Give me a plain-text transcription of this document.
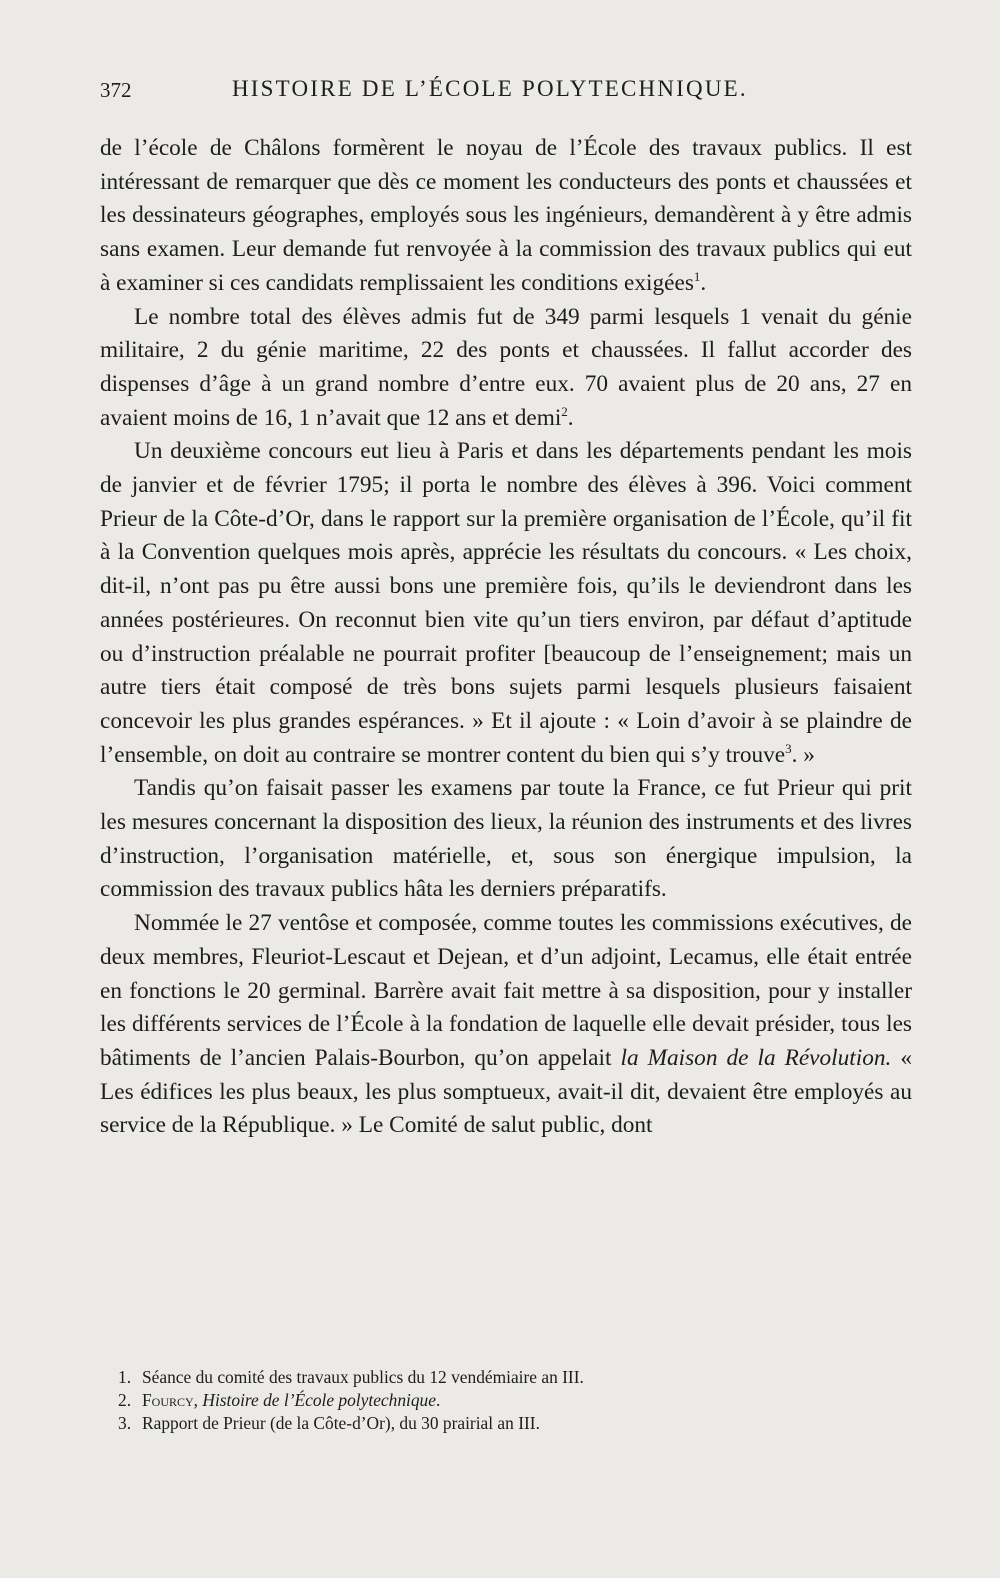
372	HISTOIRE DE L’ÉCOLE POLYTECHNIQUE.

de l’école de Châlons formèrent le noyau de l’École des travaux publics. Il est intéressant de remarquer que dès ce moment les conducteurs des ponts et chaussées et les dessinateurs géographes, employés sous les ingénieurs, demandèrent à y être admis sans examen. Leur demande fut renvoyée à la commission des travaux publics qui eut à examiner si ces candidats remplissaient les conditions exigées$^1$.

Le nombre total des élèves admis fut de 349 parmi lesquels 1 venait du génie militaire, 2 du génie maritime, 22 des ponts et chaussées. Il fallut accorder des dispenses d’âge à un grand nombre d’entre eux. 70 avaient plus de 20 ans, 27 en avaient moins de 16, 1 n’avait que 12 ans et demi$^2$.

Un deuxième concours eut lieu à Paris et dans les départements pendant les mois de janvier et de février 1795; il porta le nombre des élèves à 396. Voici comment Prieur de la Côte-d’Or, dans le rapport sur la première organisation de l’École, qu’il fit à la Convention quelques mois après, apprécie les résultats du concours. « Les choix, dit-il, n’ont pas pu être aussi bons une première fois, qu’ils le deviendront dans les années postérieures. On reconnut bien vite qu’un tiers environ, par défaut d’aptitude ou d’instruction préalable ne pourrait profiter [beaucoup de l’enseignement; mais un autre tiers était composé de très bons sujets parmi lesquels plusieurs faisaient concevoir les plus grandes espérances. » Et il ajoute : « Loin d’avoir à se plaindre de l’ensemble, on doit au contraire se montrer content du bien qui s’y trouve$^3$. »

Tandis qu’on faisait passer les examens par toute la France, ce fut Prieur qui prit les mesures concernant la disposition des lieux, la réunion des instruments et des livres d’instruction, l’organisation matérielle, et, sous son énergique impulsion, la commission des travaux publics hâta les derniers préparatifs.

Nommée le 27 ventôse et composée, comme toutes les commissions exécutives, de deux membres, Fleuriot-Lescaut et Dejean, et d’un adjoint, Lecamus, elle était entrée en fonctions le 20 germinal. Barrère avait fait mettre à sa disposition, pour y installer les différents services de l’École à la fondation de laquelle elle devait présider, tous les bâtiments de l’ancien Palais-Bourbon, qu’on appelait la Maison de la Révolution. « Les édifices les plus beaux, les plus somptueux, avait-il dit, devaient être employés au service de la République. » Le Comité de salut public, dont

1. Séance du comité des travaux publics du 12 vendémiaire an III.
2. Fourcy, Histoire de l’École polytechnique.
3. Rapport de Prieur (de la Côte-d’Or), du 30 prairial an III.
